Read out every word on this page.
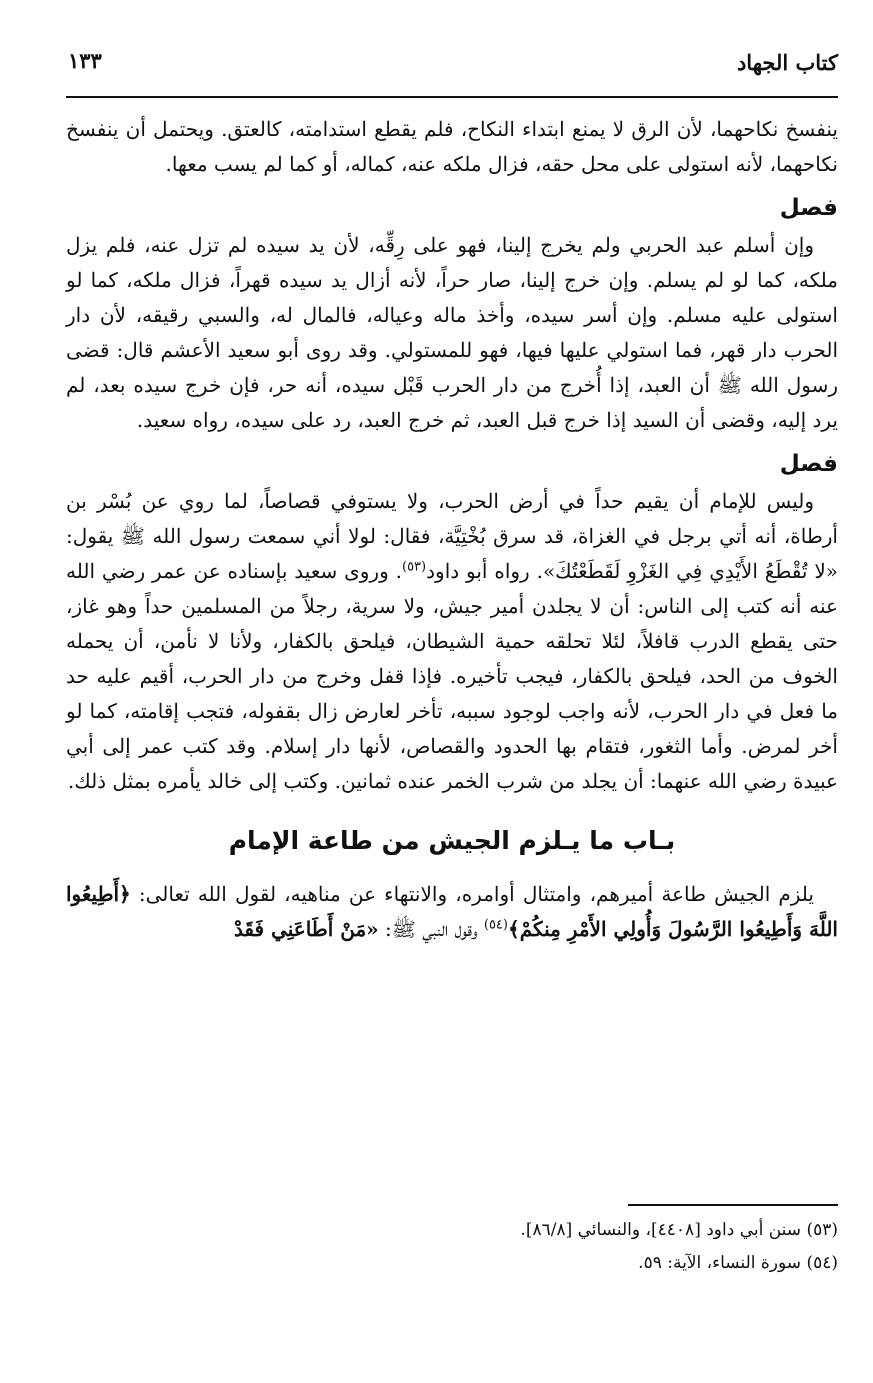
كتاب الجهاد
١٣٣

ينفسخ نكاحهما، لأن الرق لا يمنع ابتداء النكاح، فلم يقطع استدامته، كالعتق. ويحتمل أن ينفسخ نكاحهما، لأنه استولى على محل حقه، فزال ملكه عنه، كماله، أو كما لم يسب معها.

فصل

وإن أسلم عبد الحربي ولم يخرج إلينا، فهو على رِقِّه، لأن يد سيده لم تزل عنه، فلم يزل ملكه، كما لو لم يسلم. وإن خرج إلينا، صار حراً، لأنه أزال يد سيده قهراً، فزال ملكه، كما لو استولى عليه مسلم. وإن أسر سيده، وأخذ ماله وعياله، فالمال له، والسبي رقيقه، لأن دار الحرب دار قهر، فما استولي عليها فيها، فهو للمستولي. وقد روى أبو سعيد الأعشم قال: قضى رسول الله ﷺ أن العبد، إذا أُخرج من دار الحرب قَبْل سيده، أنه حر، فإن خرج سيده بعد، لم يرد إليه، وقضى أن السيد إذا خرج قبل العبد، ثم خرج العبد، رد على سيده، رواه سعيد.

فصل

وليس للإمام أن يقيم حداً في أرض الحرب، ولا يستوفي قصاصاً، لما روي عن بُسْر بن أرطاة، أنه أتي برجل في الغزاة، قد سرق بُخْتِيَّة، فقال: لولا أني سمعت رسول الله ﷺ يقول: «لا تُقْطَعُ الأَيْدِي فِي الغَزْوِ لَقَطَعْتُكَ». رواه أبو داود$^{(٥٣)}$. وروى سعيد بإسناده عن عمر رضي الله عنه أنه كتب إلى الناس: أن لا يجلدن أمير جيش، ولا سرية، رجلاً من المسلمين حداً وهو غاز، حتى يقطع الدرب قافلاً، لئلا تحلقه حمية الشيطان، فيلحق بالكفار، ولأنا لا نأمن، أن يحمله الخوف من الحد، فيلحق بالكفار، فيجب تأخيره. فإذا قفل وخرج من دار الحرب، أقيم عليه حد ما فعل في دار الحرب، لأنه واجب لوجود سببه، تأخر لعارض زال بقفوله، فتجب إقامته، كما لو أخر لمرض. وأما الثغور، فتقام بها الحدود والقصاص، لأنها دار إسلام. وقد كتب عمر إلى أبي عبيدة رضي الله عنهما: أن يجلد من شرب الخمر عنده ثمانين. وكتب إلى خالد يأمره بمثل ذلك.

بـاب ما يـلزم الجيش من طاعة الإمام

يلزم الجيش طاعة أميرهم، وامتثال أوامره، والانتهاء عن مناهيه، لقول الله تعالى: ﴿أَطِيعُوا اللَّهَ وَأَطِيعُوا الرَّسُولَ وَأُولِي الأَمْرِ مِنكُمْ﴾$^{(٥٤)}$ وقول النبي ﷺ: «مَنْ أَطَاعَنِي فَقَدْ

(٥٣) سنن أبي داود [٤٤٠٨]، والنسائي [٨٦/٨].

(٥٤) سورة النساء، الآية: ٥٩.
